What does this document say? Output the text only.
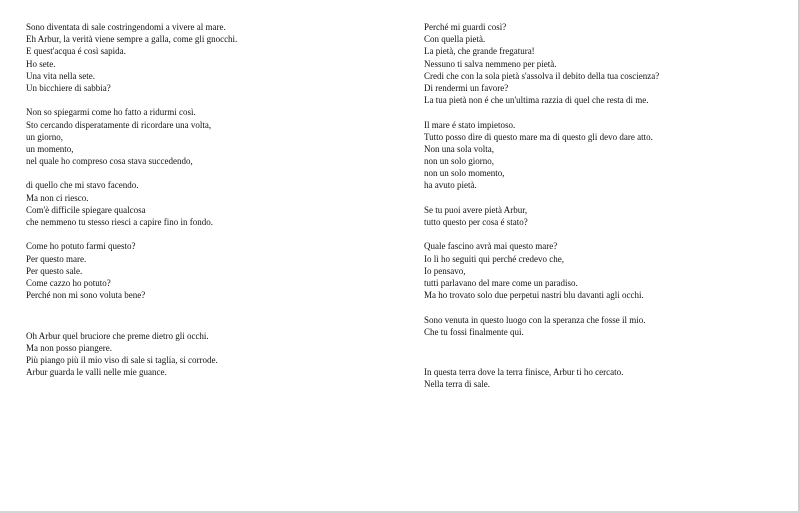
Sono diventata di sale costringendomi a vivere al mare.
Eh Arbur, la verità viene sempre a galla, come gli gnocchi.
E quest'acqua é così sapida.
Ho sete.
Una vita nella sete.
Un bicchiere di sabbia?
Non so spiegarmi come ho fatto a ridurmi così.
Sto cercando disperatamente di ricordare una volta,
un giorno,
un momento,
nel quale ho compreso cosa stava succedendo,
di quello che mi stavo facendo.
Ma non ci riesco.
Com'è difficile spiegare qualcosa
che nemmeno tu stesso riesci a capire fino in fondo.
Come ho potuto farmi questo?
Per questo mare.
Per questo sale.
Come cazzo ho potuto?
Perché non mi sono voluta bene?
Oh Arbur quel bruciore che preme dietro gli occhi.
Ma non posso piangere.
Più piango più il mio viso di sale si taglia, si corrode.
Arbur guarda le valli nelle mie guance.
Perché mi guardi così?
Con quella pietà.
La pietà, che grande fregatura!
Nessuno ti salva nemmeno per pietà.
Credi che con la sola pietà s'assolva il debito della tua coscienza?
Di rendermi un favore?
La tua pietà non é che un'ultima razzia di quel che resta di me.
Il mare é stato impietoso.
Tutto posso dire di questo mare ma di questo gli devo dare atto.
Non una sola volta,
non un solo giorno,
non un solo momento,
ha avuto pietà.
Se tu puoi avere pietà Arbur,
tutto questo per cosa é stato?
Quale fascino avrà mai questo mare?
Io lì ho seguiti qui perché credevo che,
Io pensavo,
tutti parlavano del mare come un paradiso.
Ma ho trovato solo due perpetui nastri blu davanti agli occhi.
Sono venuta in questo luogo con la speranza che fosse il mio.
Che tu fossi finalmente qui.
In questa terra dove la terra finisce, Arbur ti ho cercato.
Nella terra di sale.
